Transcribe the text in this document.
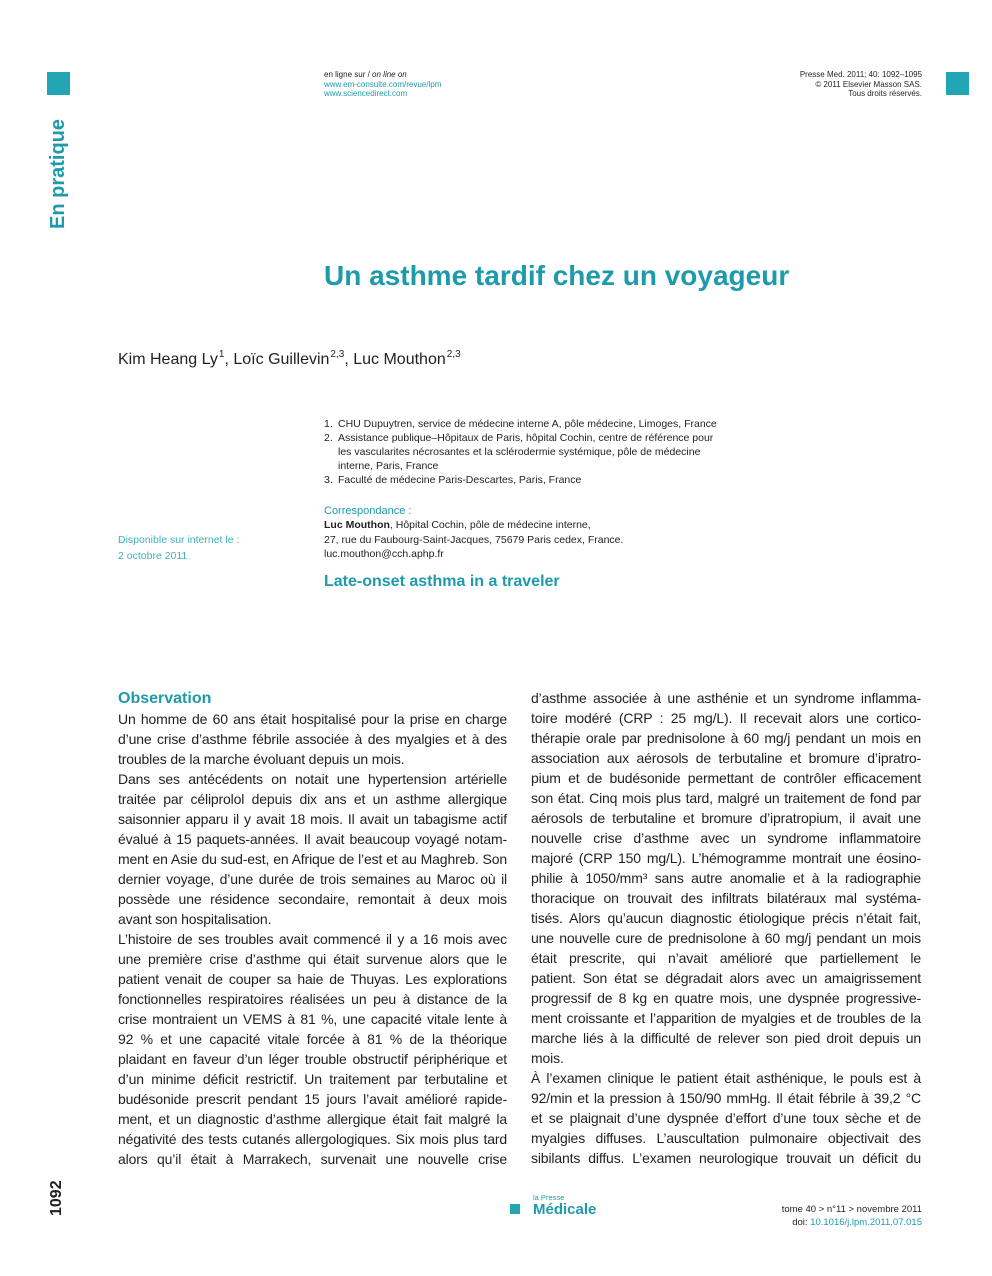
En pratique
en ligne sur / on line on
www.em-consulte.com/revue/lpm
www.sciencedirect.com
Presse Med. 2011; 40: 1092–1095
© 2011 Elsevier Masson SAS.
Tous droits réservés.
Un asthme tardif chez un voyageur
Kim Heang Ly$^1$, Loïc Guillevin$^{2,3}$, Luc Mouthon$^{2,3}$
1. CHU Dupuytren, service de médecine interne A, pôle médecine, Limoges, France
2. Assistance publique–Hôpitaux de Paris, hôpital Cochin, centre de référence pour
les vascularites nécrosantes et la sclérodermie systémique, pôle de médecine
interne, Paris, France
3. Faculté de médecine Paris-Descartes, Paris, France
Correspondance :
Luc Mouthon, Hôpital Cochin, pôle de médecine interne,
27, rue du Faubourg-Saint-Jacques, 75679 Paris cedex, France.
luc.mouthon@cch.aphp.fr
Disponible sur internet le :
2 octobre 2011
Late-onset asthma in a traveler
Observation
Un homme de 60 ans était hospitalisé pour la prise en charge
d’une crise d’asthme fébrile associée à des myalgies et à des
troubles de la marche évoluant depuis un mois.
Dans ses antécédents on notait une hypertension artérielle
traitée par céliprolol depuis dix ans et un asthme allergique
saisonnier apparu il y avait 18 mois. Il avait un tabagisme actif
évalué à 15 paquets-années. Il avait beaucoup voyagé notam-
ment en Asie du sud-est, en Afrique de l’est et au Maghreb. Son
dernier voyage, d’une durée de trois semaines au Maroc où il
possède une résidence secondaire, remontait à deux mois
avant son hospitalisation.
L’histoire de ses troubles avait commencé il y a 16 mois avec
une première crise d’asthme qui était survenue alors que le
patient venait de couper sa haie de Thuyas. Les explorations
fonctionnelles respiratoires réalisées un peu à distance de la
crise montraient un VEMS à 81 %, une capacité vitale lente à
92 % et une capacité vitale forcée à 81 % de la théorique
plaidant en faveur d’un léger trouble obstructif périphérique et
d’un minime déficit restrictif. Un traitement par terbutaline et
budésonide prescrit pendant 15 jours l’avait amélioré rapide-
ment, et un diagnostic d’asthme allergique était fait malgré la
négativité des tests cutanés allergologiques. Six mois plus tard
alors qu’il était à Marrakech, survenait une nouvelle crise
d’asthme associée à une asthénie et un syndrome inflamma-
toire modéré (CRP : 25 mg/L). Il recevait alors une cortico-
thérapie orale par prednisolone à 60 mg/j pendant un mois en
association aux aérosols de terbutaline et bromure d’ipratro-
pium et de budésonide permettant de contrôler efficacement
son état. Cinq mois plus tard, malgré un traitement de fond par
aérosols de terbutaline et bromure d’ipratropium, il avait une
nouvelle crise d’asthme avec un syndrome inflammatoire
majoré (CRP 150 mg/L). L’hémogramme montrait une éosino-
philie à 1050/mm³ sans autre anomalie et à la radiographie
thoracique on trouvait des infiltrats bilatéraux mal systéma-
tisés. Alors qu’aucun diagnostic étiologique précis n’était fait,
une nouvelle cure de prednisolone à 60 mg/j pendant un mois
était prescrite, qui n’avait amélioré que partiellement le
patient. Son état se dégradait alors avec un amaigrissement
progressif de 8 kg en quatre mois, une dyspnée progressive-
ment croissante et l’apparition de myalgies et de troubles de la
marche liés à la difficulté de relever son pied droit depuis un
mois.
À l’examen clinique le patient était asthénique, le pouls est à
92/min et la pression à 150/90 mmHg. Il était fébrile à 39,2 °C
et se plaignait d’une dyspnée d’effort d’une toux sèche et de
myalgies diffuses. L’auscultation pulmonaire objectivait des
sibilants diffus. L’examen neurologique trouvait un déficit du
1092	la Presse
Médicale	tome 40 > n°11 > novembre 2011
doi: 10.1016/j.lpm.2011.07.015
